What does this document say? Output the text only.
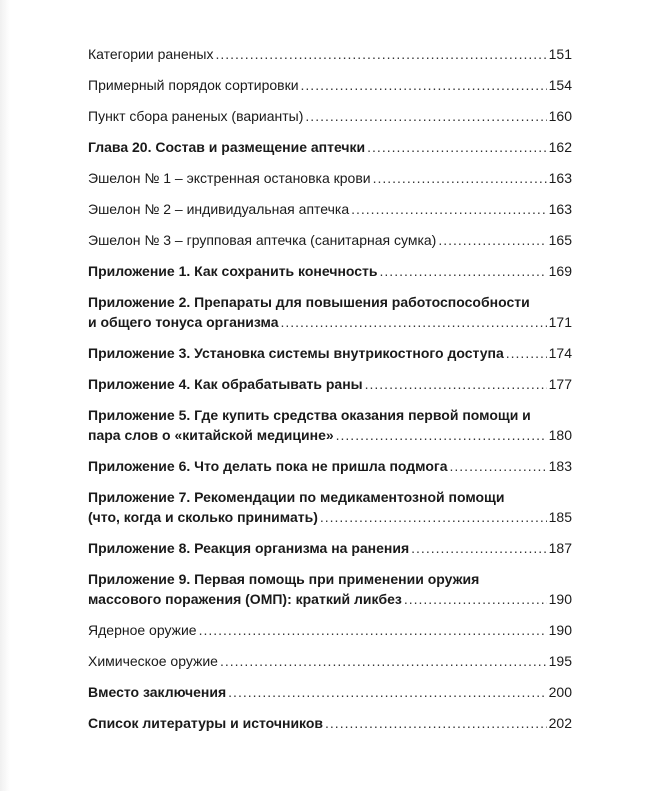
Категории раненых .....	151
Примерный порядок сортировки .....	154
Пункт сбора раненых (варианты) .....	160
Глава 20. Состав и размещение аптечки .....	162
Эшелон № 1 – экстренная остановка крови .....	163
Эшелон № 2 – индивидуальная аптечка .....	163
Эшелон № 3 – групповая аптечка (санитарная сумка) .....	165
Приложение 1. Как сохранить конечность .....	169
Приложение 2. Препараты для повышения работоспособности
и общего тонуса организма .....	171
Приложение 3. Установка системы внутрикостного доступа .....	174
Приложение 4. Как обрабатывать раны .....	177
Приложение 5. Где купить средства оказания первой помощи и
пара слов о «китайской медицине» .....	180
Приложение 6. Что делать пока не пришла подмога .....	183
Приложение 7. Рекомендации по медикаментозной помощи
(что, когда и сколько принимать) .....	185
Приложение 8. Реакция организма на ранения .....	187
Приложение 9. Первая помощь при применении оружия
массового поражения (ОМП): краткий ликбез .....	190
Ядерное оружие .....	190
Химическое оружие .....	195
Вместо заключения .....	200
Список литературы и источников .....	202
